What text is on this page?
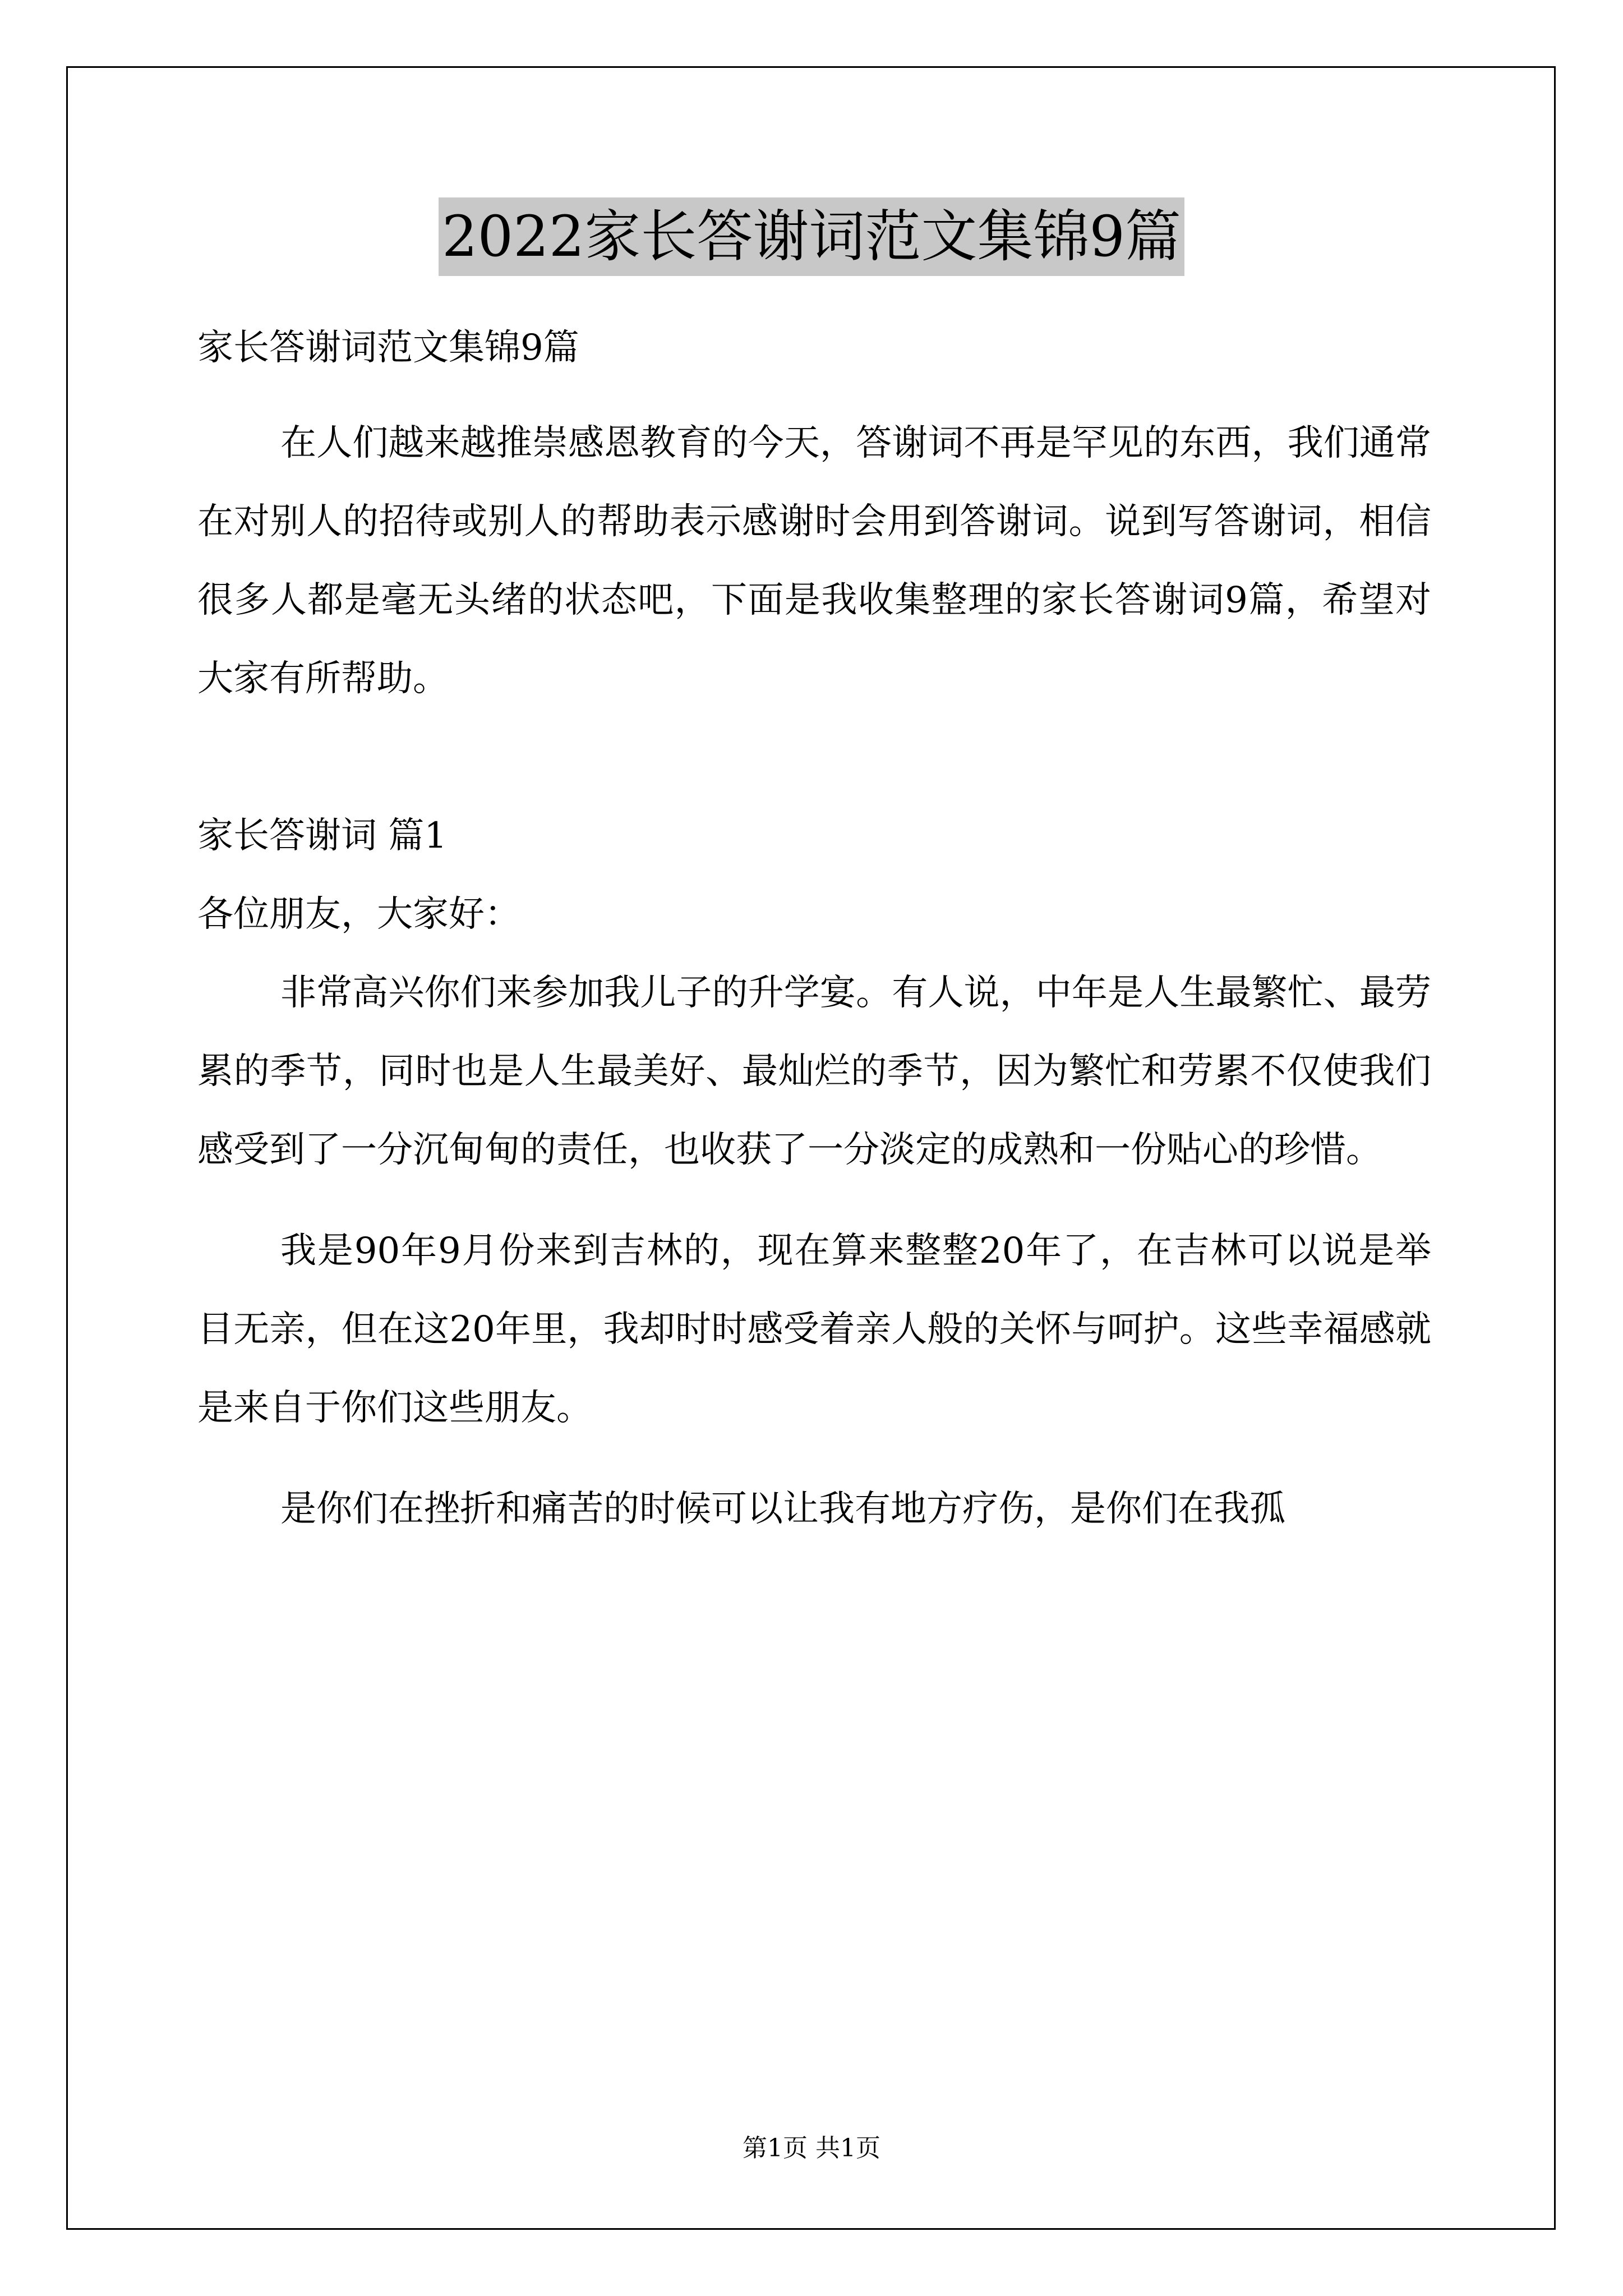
2022家长答谢词范文集锦9篇

家长答谢词范文集锦9篇

在人们越来越推崇感恩教育的今天，答谢词不再是罕见的东西，我们通常在对别人的招待或别人的帮助表示感谢时会用到答谢词。说到写答谢词，相信很多人都是毫无头绪的状态吧，下面是我收集整理的家长答谢词9篇，希望对大家有所帮助。

家长答谢词 篇1

各位朋友，大家好：

非常高兴你们来参加我儿子的升学宴。有人说，中年是人生最繁忙、最劳累的季节，同时也是人生最美好、最灿烂的季节，因为繁忙和劳累不仅使我们感受到了一分沉甸甸的责任，也收获了一分淡定的成熟和一份贴心的珍惜。

我是90年9月份来到吉林的，现在算来整整20年了，在吉林可以说是举目无亲，但在这20年里，我却时时感受着亲人般的关怀与呵护。这些幸福感就是来自于你们这些朋友。

是你们在挫折和痛苦的时候可以让我有地方疗伤，是你们在我孤

第1页 共1页
